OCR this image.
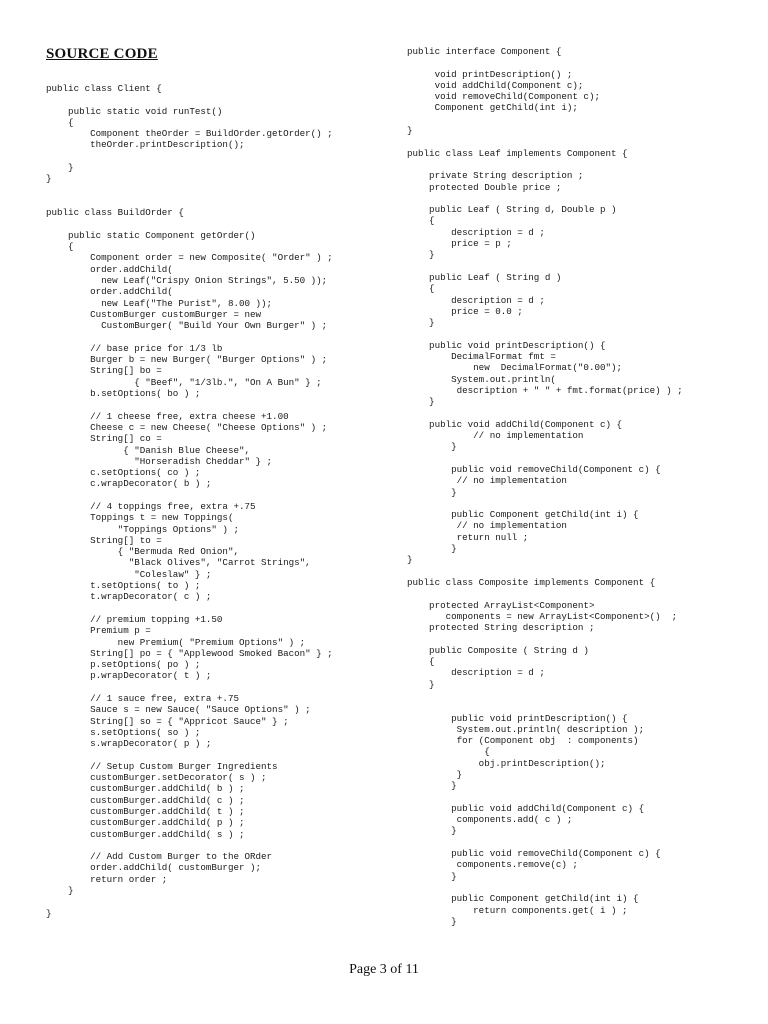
SOURCE CODE
public class Client {

public static void runTest()
{
Component theOrder = BuildOrder.getOrder() ;
theOrder.printDescription();

}
}

public class BuildOrder {

public static Component getOrder()
{
Component order = new Composite( "Order" ) ;
order.addChild(
new Leaf("Crispy Onion Strings", 5.50 ));
order.addChild(
new Leaf("The Purist", 8.00 ));
CustomBurger customBurger = new
CustomBurger( "Build Your Own Burger" ) ;

// base price for 1/3 lb
Burger b = new Burger( "Burger Options" ) ;
String[] bo =
{ "Beef", "1/3lb.", "On A Bun" } ;
b.setOptions( bo ) ;

// 1 cheese free, extra cheese +1.00
Cheese c = new Cheese( "Cheese Options" ) ;
String[] co =
{ "Danish Blue Cheese",
"Horseradish Cheddar" } ;
c.setOptions( co ) ;
c.wrapDecorator( b ) ;

// 4 toppings free, extra +.75
Toppings t = new Toppings(
"Toppings Options" ) ;
String[] to =
{ "Bermuda Red Onion",
"Black Olives", "Carrot Strings",
"Coleslaw" } ;
t.setOptions( to ) ;
t.wrapDecorator( c ) ;

// premium topping +1.50
Premium p =
new Premium( "Premium Options" ) ;
String[] po = { "Applewood Smoked Bacon" } ;
p.setOptions( po ) ;
p.wrapDecorator( t ) ;

// 1 sauce free, extra +.75
Sauce s = new Sauce( "Sauce Options" ) ;
String[] so = { "Appricot Sauce" } ;
s.setOptions( so ) ;
s.wrapDecorator( p ) ;

// Setup Custom Burger Ingredients
customBurger.setDecorator( s ) ;
customBurger.addChild( b ) ;
customBurger.addChild( c ) ;
customBurger.addChild( t ) ;
customBurger.addChild( p ) ;
customBurger.addChild( s ) ;

// Add Custom Burger to the ORder
order.addChild( customBurger );
return order ;
}

}
public interface Component {

void printDescription() ;
void addChild(Component c);
void removeChild(Component c);
Component getChild(int i);

}

public class Leaf implements Component {

private String description ;
protected Double price ;

public Leaf ( String d, Double p )
{
description = d ;
price = p ;
}

public Leaf ( String d )
{
description = d ;
price = 0.0 ;
}

public void printDescription() {
DecimalFormat fmt =
new  DecimalFormat("0.00");
System.out.println(
description + " " + fmt.format(price) ) ;
}

public void addChild(Component c) {
// no implementation
}

public void removeChild(Component c) {
// no implementation
}

public Component getChild(int i) {
// no implementation
return null ;
}
}

public class Composite implements Component {

protected ArrayList<Component>
components = new ArrayList<Component>()  ;
protected String description ;

public Composite ( String d )
{
description = d ;
}

public void printDescription() {
System.out.println( description );
for (Component obj  : components)
{
obj.printDescription();
}
}

public void addChild(Component c) {
components.add( c ) ;
}

public void removeChild(Component c) {
components.remove(c) ;
}

public Component getChild(int i) {
return components.get( i ) ;
}
Page 3 of 11
